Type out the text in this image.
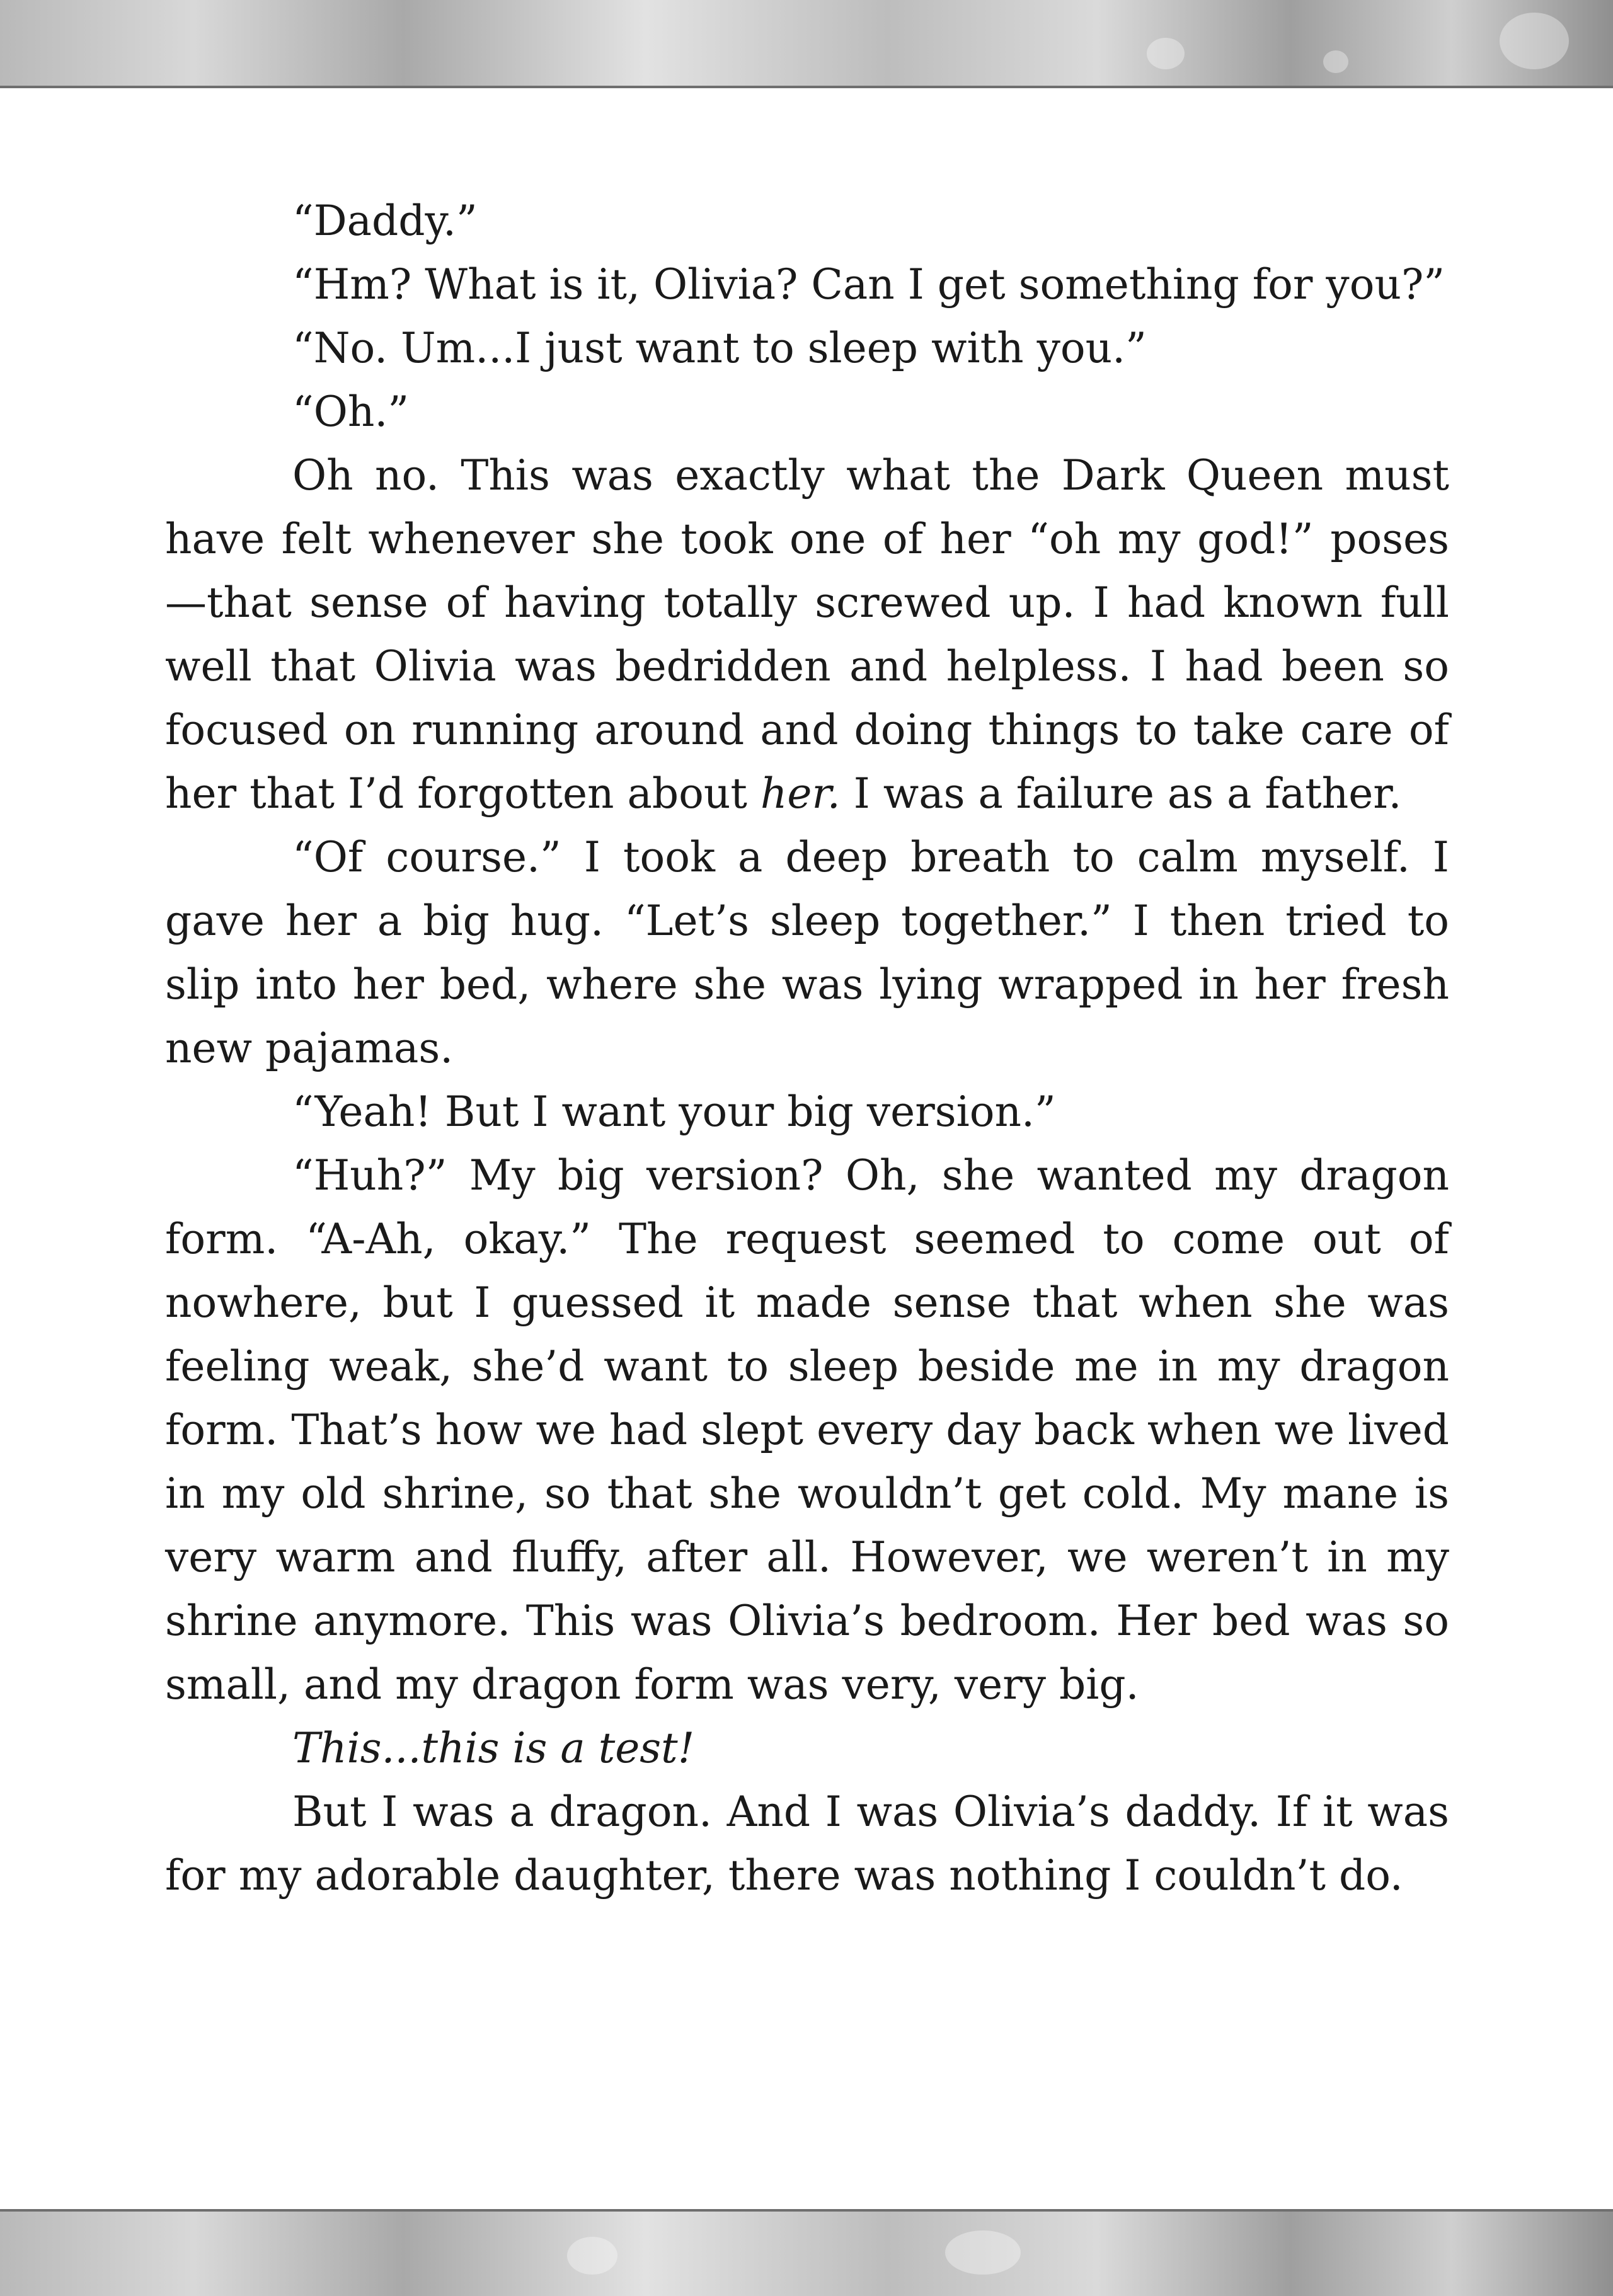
“Daddy.”

“Hm? What is it, Olivia? Can I get something for you?”

“No. Um...I just want to sleep with you.”

“Oh.”

Oh no. This was exactly what the Dark Queen must have felt whenever she took one of her “oh my god!” poses—that sense of having totally screwed up. I had known full well that Olivia was bedridden and helpless. I had been so focused on running around and doing things to take care of her that I’d forgotten about her. I was a failure as a father.

“Of course.” I took a deep breath to calm myself. I gave her a big hug. “Let’s sleep together.” I then tried to slip into her bed, where she was lying wrapped in her fresh new pajamas.

“Yeah! But I want your big version.”

“Huh?” My big version? Oh, she wanted my dragon form. “A-Ah, okay.” The request seemed to come out of nowhere, but I guessed it made sense that when she was feeling weak, she’d want to sleep beside me in my dragon form. That’s how we had slept every day back when we lived in my old shrine, so that she wouldn’t get cold. My mane is very warm and fluffy, after all. However, we weren’t in my shrine anymore. This was Olivia’s bedroom. Her bed was so small, and my dragon form was very, very big.

This...this is a test!

But I was a dragon. And I was Olivia’s daddy. If it was for my adorable daughter, there was nothing I couldn’t do.
